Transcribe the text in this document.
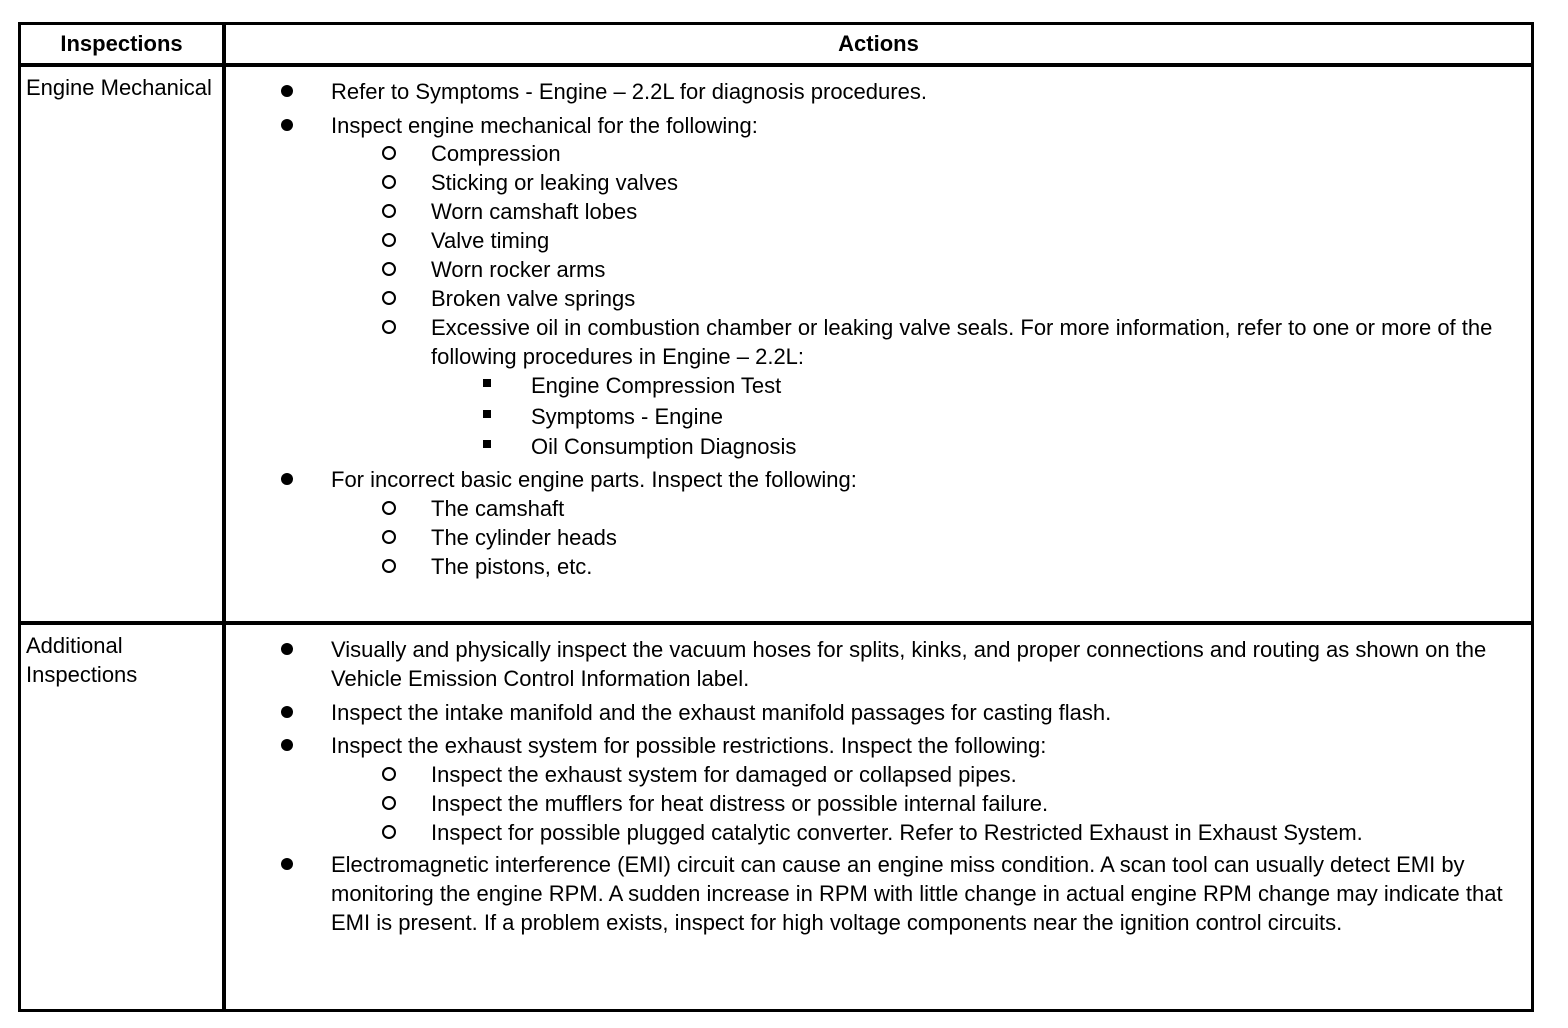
Inspections	Actions
Engine Mechanical
Additional Inspections
Refer to Symptoms - Engine – 2.2L for diagnosis procedures.
Inspect engine mechanical for the following:
Compression
Sticking or leaking valves
Worn camshaft lobes
Valve timing
Worn rocker arms
Broken valve springs
Excessive oil in combustion chamber or leaking valve seals. For more information, refer to one or more of the following procedures in Engine – 2.2L:
Engine Compression Test
Symptoms - Engine
Oil Consumption Diagnosis
For incorrect basic engine parts. Inspect the following:
The camshaft
The cylinder heads
The pistons, etc.
Visually and physically inspect the vacuum hoses for splits, kinks, and proper connections and routing as shown on the Vehicle Emission Control Information label.
Inspect the intake manifold and the exhaust manifold passages for casting flash.
Inspect the exhaust system for possible restrictions. Inspect the following:
Inspect the exhaust system for damaged or collapsed pipes.
Inspect the mufflers for heat distress or possible internal failure.
Inspect for possible plugged catalytic converter. Refer to Restricted Exhaust in Exhaust System.
Electromagnetic interference (EMI) circuit can cause an engine miss condition. A scan tool can usually detect EMI by monitoring the engine RPM. A sudden increase in RPM with little change in actual engine RPM change may indicate that EMI is present. If a problem exists, inspect for high voltage components near the ignition control circuits.
